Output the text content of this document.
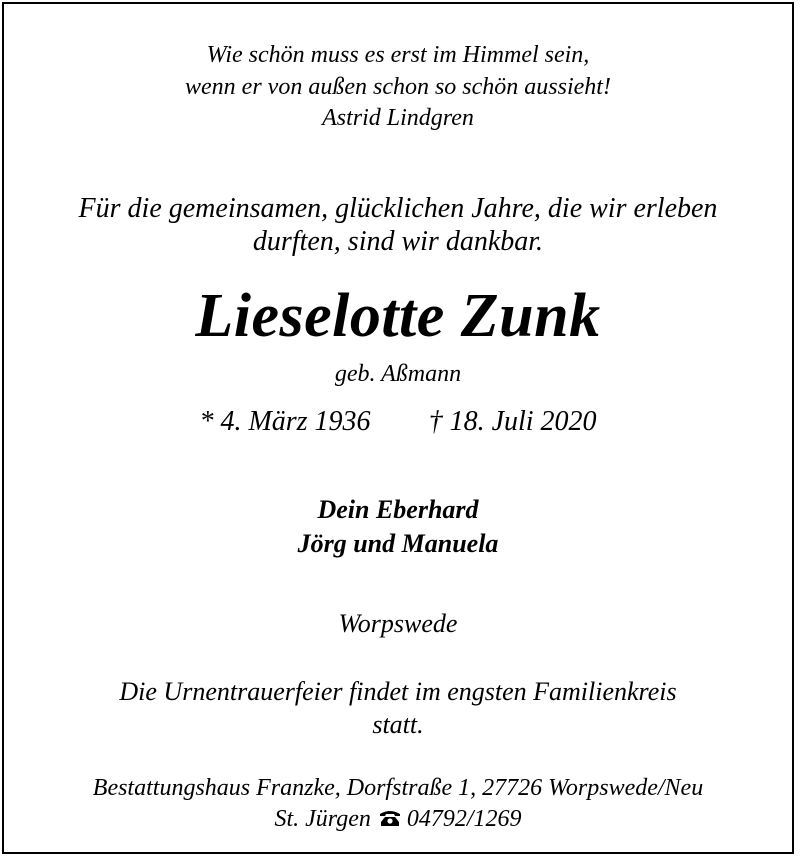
Wie schön muss es erst im Himmel sein,
wenn er von außen schon so schön aussieht!
Astrid Lindgren
Für die gemeinsamen, glücklichen Jahre, die wir erleben
durften, sind wir dankbar.
Lieselotte Zunk
geb. Aßmann
* 4. März 1936 † 18. Juli 2020
Dein Eberhard
Jörg und Manuela
Worpswede
Die Urnentrauerfeier findet im engsten Familienkreis
statt.
Bestattungshaus Franzke, Dorfstraße 1, 27726 Worpswede/Neu
St. Jürgen 04792/1269
